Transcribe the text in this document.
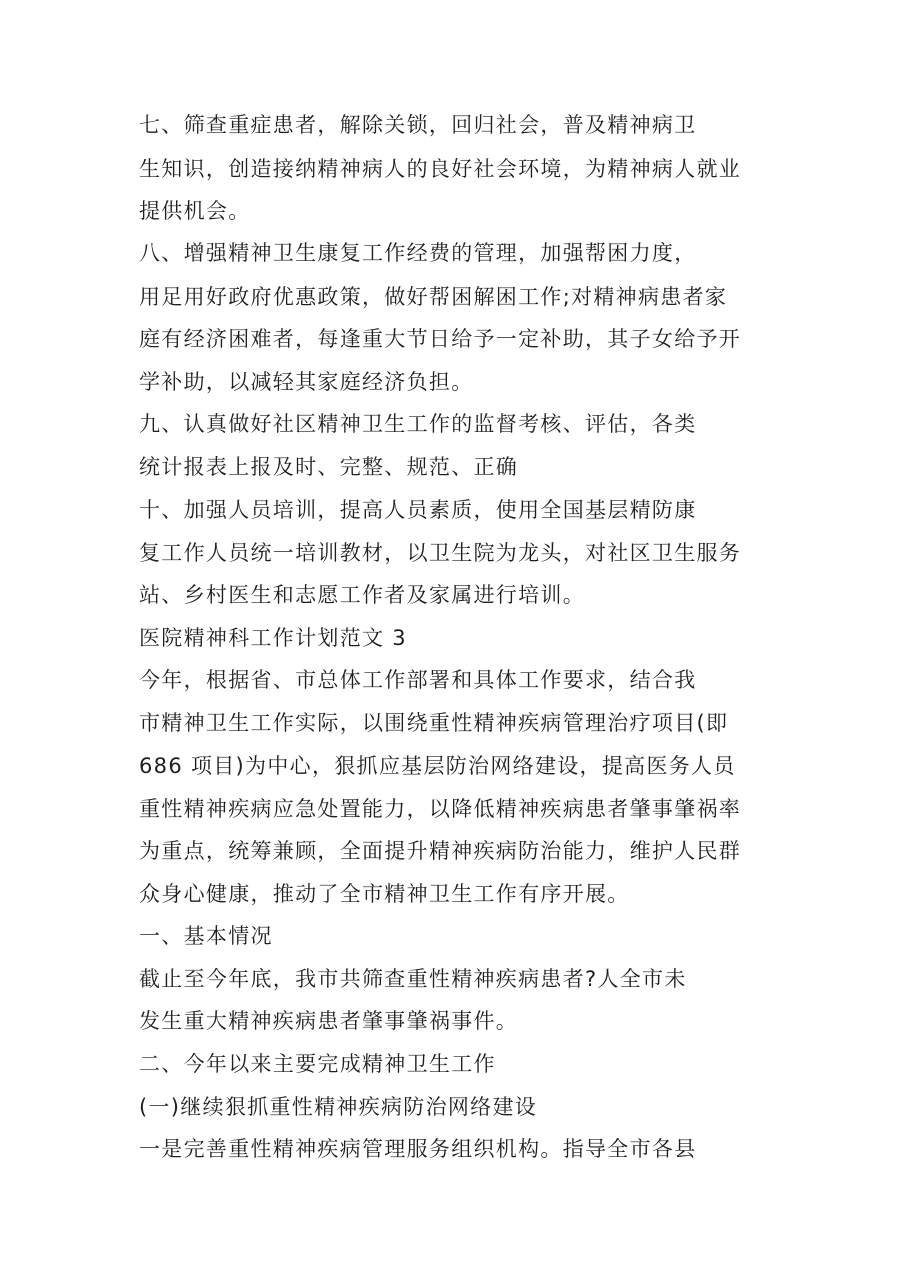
七、筛查重症患者，解除关锁，回归社会，普及精神病卫

生知识，创造接纳精神病人的良好社会环境，为精神病人就业

提供机会。

八、增强精神卫生康复工作经费的管理，加强帮困力度，

用足用好政府优惠政策，做好帮困解困工作;对精神病患者家

庭有经济困难者，每逢重大节日给予一定补助，其子女给予开

学补助，以减轻其家庭经济负担。

九、认真做好社区精神卫生工作的监督考核、评估，各类

统计报表上报及时、完整、规范、正确

十、加强人员培训，提高人员素质，使用全国基层精防康

复工作人员统一培训教材，以卫生院为龙头，对社区卫生服务

站、乡村医生和志愿工作者及家属进行培训。

医院精神科工作计划范文 3

今年，根据省、市总体工作部署和具体工作要求，结合我

市精神卫生工作实际，以围绕重性精神疾病管理治疗项目(即

686 项目)为中心，狠抓应基层防治网络建设，提高医务人员

重性精神疾病应急处置能力，以降低精神疾病患者肇事肇祸率

为重点，统筹兼顾，全面提升精神疾病防治能力，维护人民群

众身心健康，推动了全市精神卫生工作有序开展。

一、基本情况

截止至今年底，我市共筛查重性精神疾病患者?人全市未

发生重大精神疾病患者肇事肇祸事件。

二、今年以来主要完成精神卫生工作

(一)继续狠抓重性精神疾病防治网络建设

一是完善重性精神疾病管理服务组织机构。指导全市各县
